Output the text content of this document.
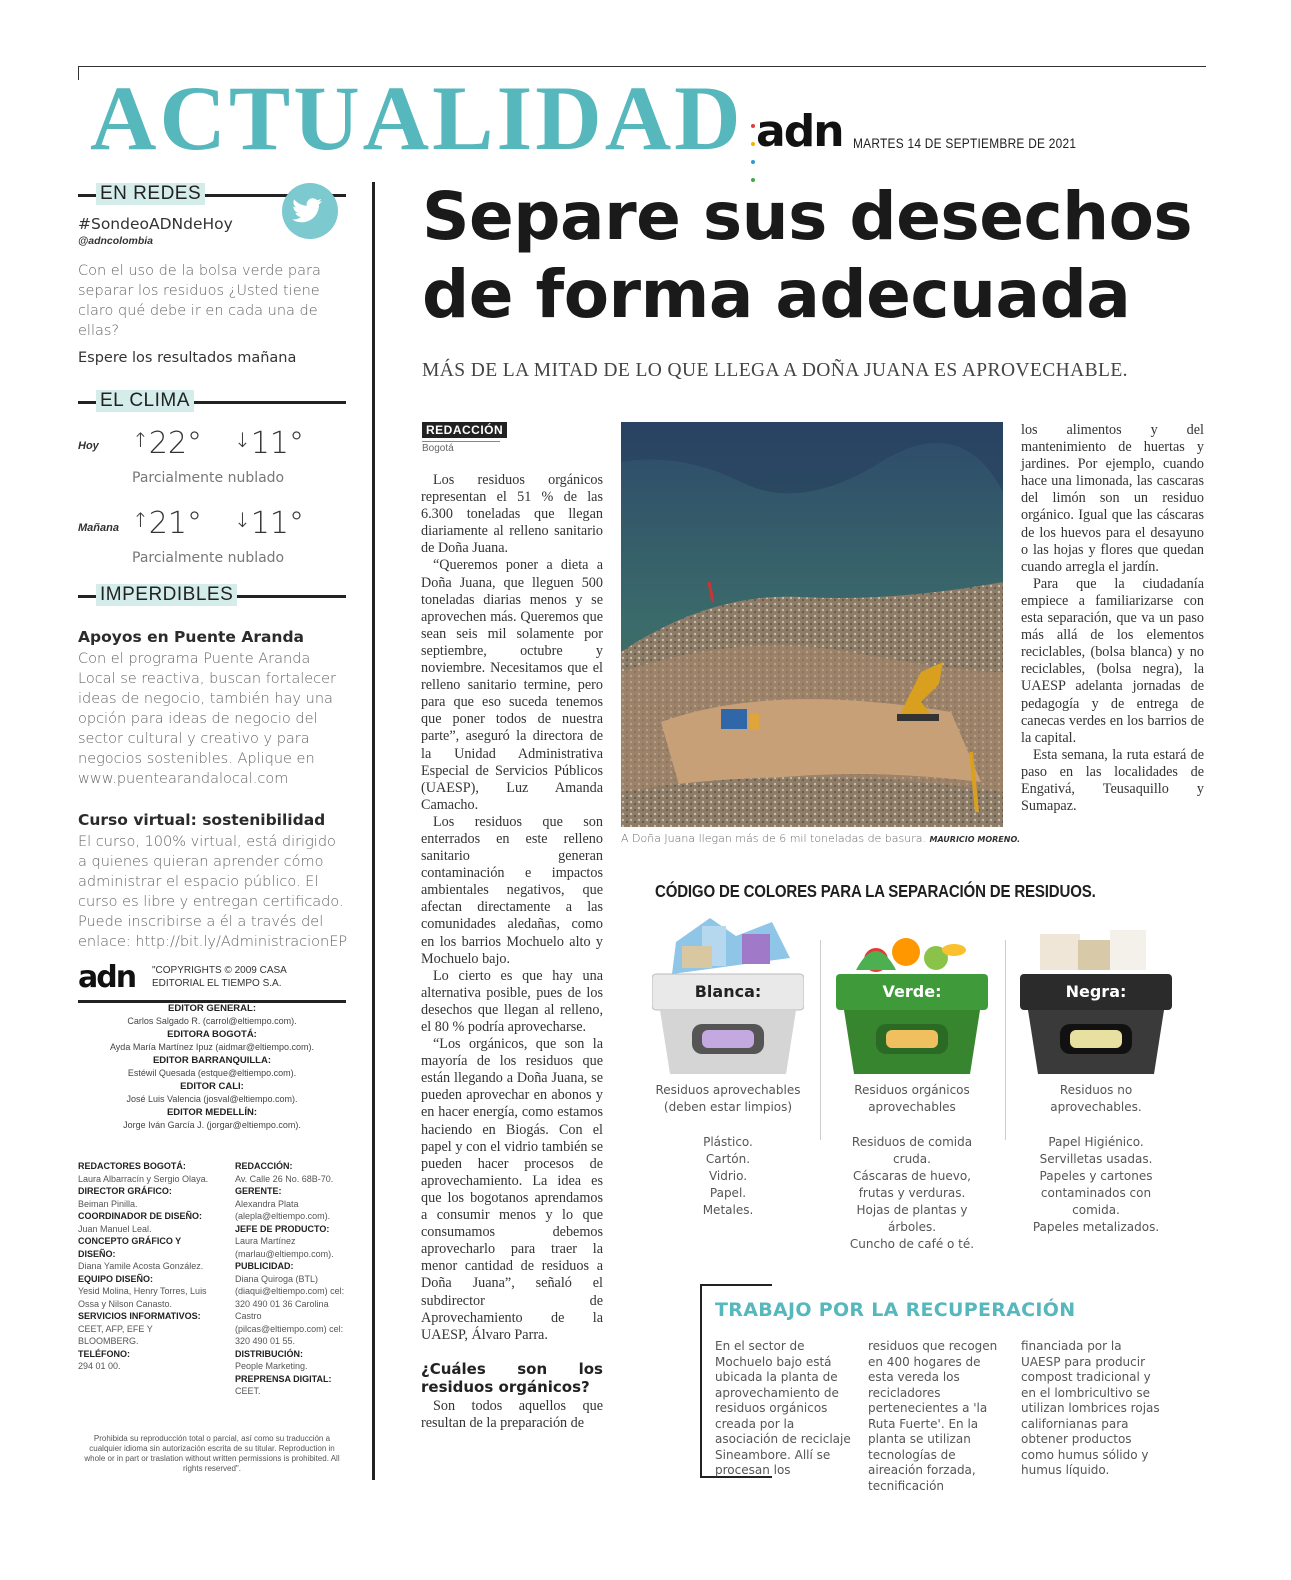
ACTUALIDAD adn MARTES 14 DE SEPTIEMBRE DE 2021
EN REDES
#SondeoADNdeHoy
@adncolombia
Con el uso de la bolsa verde para separar los residuos ¿Usted tiene claro qué debe ir en cada una de ellas?
Espere los resultados mañana
EL CLIMA
Hoy ↑22° ↓11°
Parcialmente nublado
Mañana ↑21° ↓11°
Parcialmente nublado
IMPERDIBLES
Apoyos en Puente Aranda
Con el programa Puente Aranda Local se reactiva, buscan fortalecer ideas de negocio, también hay una opción para ideas de negocio del sector cultural y creativo y para negocios sostenibles. Aplique en www.puentearandalocal.com
Curso virtual: sostenibilidad
El curso, 100% virtual, está dirigido a quienes quieran aprender cómo administrar el espacio público. El curso es libre y entregan certificado. Puede inscribirse a él a través del enlace: http://bit.ly/AdministracionEP
adn "COPYRIGHTS © 2009 CASA
EDITORIAL EL TIEMPO S.A.
EDITOR GENERAL:
Carlos Salgado R. (carrol@eltiempo.com).
EDITORA BOGOTÁ:
Ayda María Martínez Ipuz (aidmar@eltiempo.com).
EDITOR BARRANQUILLA:
Estéwil Quesada (estque@eltiempo.com).
EDITOR CALI:
José Luis Valencia (josval@eltiempo.com).
EDITOR MEDELLÍN:
Jorge Iván García J. (jorgar@eltiempo.com).
REDACTORES BOGOTÁ:
Laura Albarracín y Sergio Olaya.
DIRECTOR GRÁFICO:
Beiman Pinilla.
COORDINADOR DE DISEÑO:
Juan Manuel Leal.
CONCEPTO GRÁFICO Y DISEÑO:
Diana Yamile Acosta González.
EQUIPO DISEÑO:
Yesid Molina, Henry Torres, Luis Ossa y Nilson Canasto.
SERVICIOS INFORMATIVOS:
CEET, AFP, EFE Y BLOOMBERG.
TELÉFONO:
294 01 00.
REDACCIÓN:
Av. Calle 26 No. 68B-70.
GERENTE:
Alexandra Plata (alepla@eltiempo.com).
JEFE DE PRODUCTO:
Laura Martínez (marlau@eltiempo.com).
PUBLICIDAD:
Diana Quiroga (BTL) (diaqui@eltiempo.com) cel: 320 490 01 36 Carolina Castro (pilcas@eltiempo.com) cel: 320 490 01 55.
DISTRIBUCIÓN:
People Marketing.
PREPRENSA DIGITAL:
CEET.
Prohibida su reproducción total o parcial, así como su traducción a cualquier idioma sin autorización escrita de su titular. Reproduction in whole or in part or traslation without written permissions is prohibited. All rights reserved".
Separe sus desechos de forma adecuada
MÁS DE LA MITAD DE LO QUE LLEGA A DOÑA JUANA ES APROVECHABLE.
REDACCIÓN
Bogotá

Los residuos orgánicos representan el 51 % de las 6.300 toneladas que llegan diariamente al relleno sanitario de Doña Juana.

“Queremos poner a dieta a Doña Juana, que lleguen 500 toneladas diarias menos y se aprovechen más. Queremos que sean seis mil solamente por septiembre, octubre y noviembre. Necesitamos que el relleno sanitario termine, pero para que eso suceda tenemos que poner todos de nuestra parte”, aseguró la directora de la Unidad Administrativa Especial de Servicios Públicos (UAESP), Luz Amanda Camacho.

Los residuos que son enterrados en este relleno sanitario generan contaminación e impactos ambientales negativos, que afectan directamente a las comunidades aledañas, como en los barrios Mochuelo alto y Mochuelo bajo.

Lo cierto es que hay una alternativa posible, pues de los desechos que llegan al relleno, el 80 % podría aprovecharse.

“Los orgánicos, que son la mayoría de los residuos que están llegando a Doña Juana, se pueden aprovechar en abonos y en hacer energía, como estamos haciendo en Biogás. Con el papel y con el vidrio también se pueden hacer procesos de aprovechamiento. La idea es que los bogotanos aprendamos a consumir menos y lo que consumamos debemos aprovecharlo para traer la menor cantidad de residuos a Doña Juana”, señaló el subdirector de Aprovechamiento de la UAESP, Álvaro Parra.

¿Cuáles son los residuos orgánicos?

Son todos aquellos que resultan de la preparación de

A Doña Juana llegan más de 6 mil toneladas de basura. MAURICIO MORENO.

los alimentos y del mantenimiento de huertas y jardines. Por ejemplo, cuando hace una limonada, las cascaras del limón son un residuo orgánico. Igual que las cáscaras de los huevos para el desayuno o las hojas y flores que quedan cuando arregla el jardín.

Para que la ciudadanía empiece a familiarizarse con esta separación, que va un paso más allá de los elementos reciclables, (bolsa blanca) y no reciclables, (bolsa negra), la UAESP adelanta jornadas de pedagogía y de entrega de canecas verdes en los barrios de la capital.

Esta semana, la ruta estará de paso en las localidades de Engativá, Teusaquillo y Sumapaz.

CÓDIGO DE COLORES PARA LA SEPARACIÓN DE RESIDUOS.
Blanca:
Residuos aprovechables (deben estar limpios)
Plástico.
Cartón.
Vidrio.
Papel.
Metales.
Verde:
Residuos orgánicos aprovechables
Residuos de comida cruda.
Cáscaras de huevo, frutas y verduras.
Hojas de plantas y árboles.
Cuncho de café o té.
Negra:
Residuos no aprovechables.
Papel Higiénico.
Servilletas usadas.
Papeles y cartones contaminados con comida.
Papeles metalizados.
TRABAJO POR LA RECUPERACIÓN
En el sector de Mochuelo bajo está ubicada la planta de aprovechamiento de residuos orgánicos creada por la asociación de reciclaje Sineambore. Allí se procesan los
residuos que recogen en 400 hogares de esta vereda los recicladores pertenecientes a 'la Ruta Fuerte'. En la planta se utilizan tecnologías de aireación forzada, tecnificación
financiada por la UAESP para producir compost tradicional y en el lombricultivo se utilizan lombrices rojas californianas para obtener productos como humus sólido y humus líquido.
